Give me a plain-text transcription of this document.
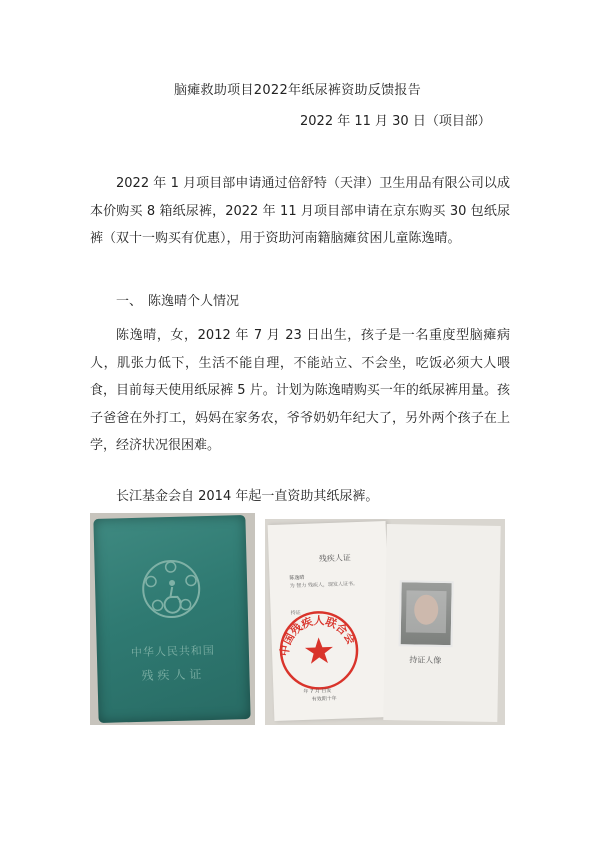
脑瘫救助项目2022年纸尿裤资助反馈报告
2022 年 11 月 30 日（项目部）

2022 年 1 月项目部申请通过倍舒特（天津）卫生用品有限公司以成本价购买 8 箱纸尿裤，2022 年 11 月项目部申请在京东购买 30 包纸尿裤（双十一购买有优惠），用于资助河南籍脑瘫贫困儿童陈逸晴。

一、 陈逸晴个人情况

陈逸晴，女，2012 年 7 月 23 日出生，孩子是一名重度型脑瘫病人，肌张力低下，生活不能自理，不能站立、不会坐，吃饭必须大人喂食，目前每天使用纸尿裤 5 片。计划为陈逸晴购买一年的纸尿裤用量。孩子爸爸在外打工，妈妈在家务农，爷爷奶奶年纪大了，另外两个孩子在上学，经济状况很困难。

长江基金会自 2014 年起一直资助其纸尿裤。
中华人民共和国
残疾人证
残疾人证
陈逸晴
为 智力 残疾人，现发人证书。
持证
中国残疾人联合会
年 7 月 日发
有效期十年
持证人像
